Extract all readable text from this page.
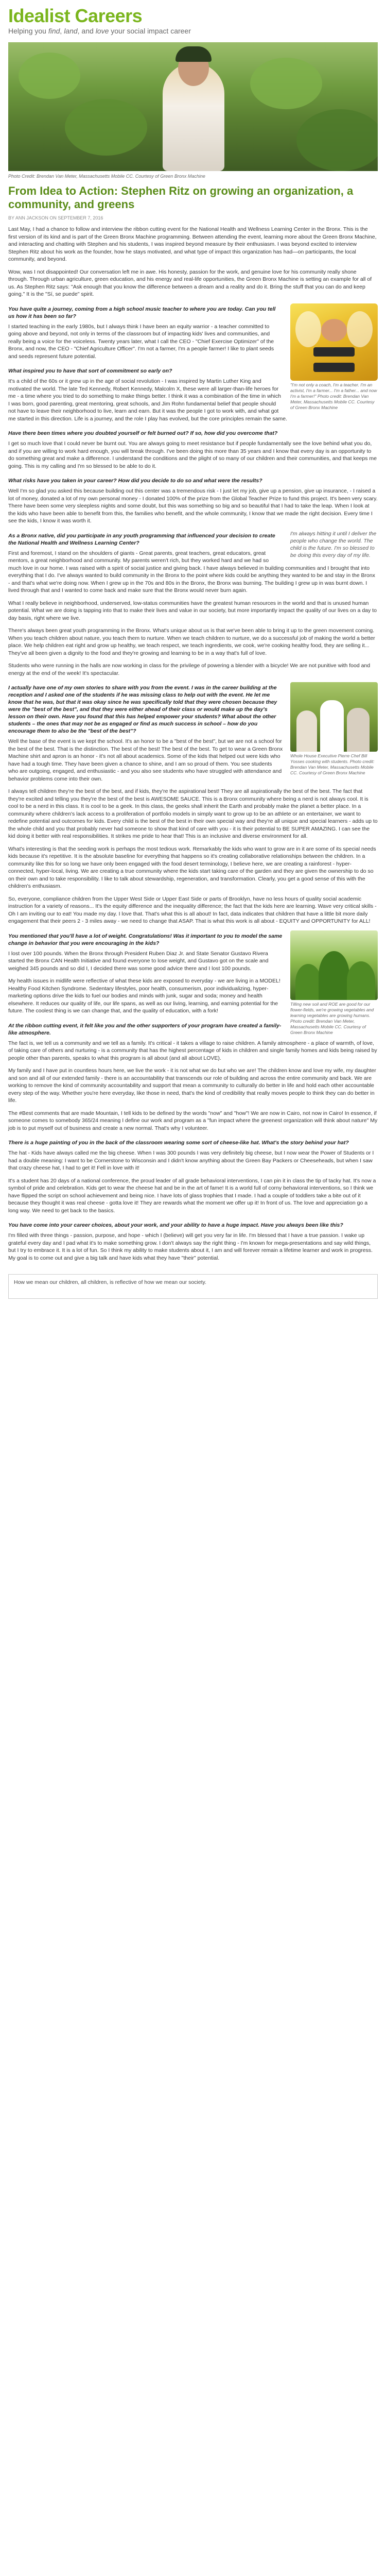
Idealist Careers
Helping you find, land, and love your social impact career
Photo Credit: Brendan Van Meter, Massachusetts Mobile CC. Courtesy of Green Bronx Machine
From Idea to Action: Stephen Ritz on growing an organization, a community, and greens
BY ANN JACKSON ON SEPTEMBER 7, 2016

Last May, I had a chance to follow and interview the ribbon cutting event for the National Health and Wellness Learning Center in the Bronx. This is the first version of its kind and is part of the Green Bronx Machine programming. Between attending the event, learning more about the Green Bronx Machine, and interacting and chatting with Stephen and his students, I was inspired beyond measure by their enthusiasm. I was beyond excited to interview Stephen Ritz about his work as the founder, how he stays motivated, and what type of impact this organization has had—on participants, the local community, and beyond.

Wow, was I not disappointed! Our conversation left me in awe. His honesty, passion for the work, and genuine love for his community really shone through. Through urban agriculture, green education, and his energy and real-life opportunities, the Green Bronx Machine is setting an example for all of us. As Stephen Ritz says: "Ask enough that you know the difference between a dream and a reality and do it. Bring the stuff that you can do and keep going." It is the "Sí, se puede" spirit.

"I'm not only a coach, I'm a teacher. I'm an activist, I'm a farmer... I'm a father... and now I'm a farmer!" Photo credit: Brendan Van Meter, Massachusetts Mobile CC. Courtesy of Green Bronx Machine
You have quite a journey, coming from a high school music teacher to where you are today. Can you tell us how it has been so far?

I started teaching in the early 1980s, but I always think I have been an equity warrior - a teacher committed to going above and beyond, not only in terms of the classroom but of impacting kids' lives and communities, and really being a voice for the voiceless. Twenty years later, what I call the CEO - "Chief Exercise Optimizer" of the Bronx, and now, the CEO - "Chief Agriculture Officer". I'm not a farmer, I'm a people farmer! I like to plant seeds and seeds represent future potential.

What inspired you to have that sort of commitment so early on?

It's a child of the 60s or it grew up in the age of social revolution - I was inspired by Martin Luther King and motivated the world. The late Ted Kennedy, Robert Kennedy, Malcolm X, these were all larger-than-life heroes for me - a time where you tried to do something to make things better. I think it was a combination of the time in which I was born, good parenting, great mentoring, great schools, and Jim Rohn fundamental belief that people should not have to leave their neighborhood to live, learn and earn. But it was the people I got to work with, and what got me started in this direction. Life is a journey, and the role I play has evolved, but the core principles remain the same.

Have there been times where you doubted yourself or felt burned out? If so, how did you overcome that?

I get so much love that I could never be burnt out. You are always going to meet resistance but if people fundamentally see the love behind what you do, and if you are willing to work hard enough, you will break through. I've been doing this more than 35 years and I know that every day is an opportunity to do something great and make a difference. I understand the conditions and the plight of so many of our children and their communities, and that keeps me going. This is my calling and I'm so blessed to be able to do it.

What risks have you taken in your career? How did you decide to do so and what were the results?

Well I'm so glad you asked this because building out this center was a tremendous risk - I just let my job, give up a pension, give up insurance, - I raised a lot of money, donated a lot of my own personal money - I donated 100% of the prize from the Global Teacher Prize to fund this project. It's been very scary. There have been some very sleepless nights and some doubt, but this was something so big and so beautiful that I had to take the leap. When I look at the kids who have been able to benefit from this, the families who benefit, and the whole community, I know that we made the right decision. Every time I see the kids, I know it was worth it.

I'm always hitting it until I deliver the people who change the world. The child is the future. I'm so blessed to be doing this every day of my life.
As a Bronx native, did you participate in any youth programming that influenced your decision to create the National Health and Wellness Learning Center?

First and foremost, I stand on the shoulders of giants - Great parents, great teachers, great educators, great mentors, a great neighborhood and community. My parents weren't rich, but they worked hard and we had so much love in our home. I was raised with a spirit of social justice and giving back. I have always believed in building communities and I brought that into everything that I do. I've always wanted to build community in the Bronx to the point where kids could be anything they wanted to be and stay in the Bronx - and that's what we're doing now. When I grew up in the 70s and 80s in the Bronx, the Bronx was burning. The building I grew up in was burnt down. I lived through that and I wanted to come back and make sure that the Bronx would never burn again.

What I really believe in neighborhood, underserved, low-status communities have the greatest human resources in the world and that is unused human potential. What we are doing is tapping into that to make their lives and value in our society, but more importantly impact the quality of our lives on a day to day basis, right where we live.

There's always been great youth programming in the Bronx. What's unique about us is that we've been able to bring it up to the green movement coming. When you teach children about nature, you teach them to nurture. When we teach children to nurture, we do a successful job of making the world a better place. We help children eat right and grow up healthy, we teach respect, we teach ingredients, we cook, we're cooking healthy food, they are selling it... They've all been given a dignity to the food and they're growing and learning to be in a way that's full of love.

Students who were running in the halls are now working in class for the privilege of powering a blender with a bicycle! We are not punitive with food and energy at the end of the week! It's spectacular.

Whole House Executive Pierre Chef Bill Yosses cooking with students. Photo credit: Brendan Van Meter, Massachusetts Mobile CC. Courtesy of Green Bronx Machine
I actually have one of my own stories to share with you from the event. I was in the career building at the reception and I asked one of the students if he was missing class to help out with the event. He let me know that he was, but that it was okay since he was specifically told that they were chosen because they were the "best of the best", and that they were either ahead of their class or would make up the day's lesson on their own. Have you found that this has helped empower your students? What about the other students – the ones that may not be as engaged or find as much success in school – how do you encourage them to also be the "best of the best"?

Well the base of the event is we kept the school. It's an honor to be a "best of the best", but we are not a school for the best of the best. That is the distinction. The best of the best! The best of the best. To get to wear a Green Bronx Machine shirt and apron is an honor - it's not all about academics. Some of the kids that helped out were kids who have had a tough time. They have been given a chance to shine, and I am so proud of them. You see students who are outgoing, engaged, and enthusiastic - and you also see students who have struggled with attendance and behavior problems come into their own.

I always tell children they're the best of the best, and if kids, they're the aspirational best! They are all aspirationally the best of the best. The fact that they're excited and telling you they're the best of the best is AWESOME SAUCE. This is a Bronx community where being a nerd is not always cool. It is cool to be a nerd in this class. It is cool to be a geek. In this class, the geeks shall inherit the Earth and probably make the planet a better place. In a community where children's lack access to a proliferation of portfolio models in simply want to grow up to be an athlete or an entertainer, we want to redefine potential and outcomes for kids. Every child is the best of the best in their own special way and they're all unique and special learners - adds up to the whole child and you that probably never had someone to show that kind of care with you - it is their potential to BE SUPER AMAZING. I can see the kid doing it better with real responsibilities. It strikes me pride to hear that! This is an inclusive and diverse environment for all.

What's interesting is that the seeding work is perhaps the most tedious work. Remarkably the kids who want to grow are in it are some of its special needs kids because it's repetitive. It is the absolute baseline for everything that happens so it's creating collaborative relationships between the children. In a community like this for so long we have only been engaged with the food desert terminology, I believe here, we are creating a rainforest - hyper-connected, hyper-local, living. We are creating a true community where the kids start taking care of the garden and they are given the ownership to do so on their own and to take responsibility. I like to talk about stewardship, regeneration, and transformation. Clearly, you get a good sense of this with the children's enthusiasm.

So, everyone, compliance children from the Upper West Side or Upper East Side or parts of Brooklyn, have no less hours of quality social academic instruction for a variety of reasons... It's the equity difference and the inequality difference; the fact that the kids here are learning. Wave very critical skills - Oh I am inviting our to eat! You made my day. I love that. That's what this is all about! In fact, data indicates that children that have a little bit more daily engagement that their peers 2 - 3 miles away - we need to change that ASAP. That is what this work is all about - EQUITY and OPPORTUNITY for ALL!

Tilling new soil and ROE are good for our flower-fields, we're growing vegetables and learning vegetables are growing humans. Photo credit: Brendan Van Meter, Massachusetts Mobile CC. Courtesy of Green Bronx Machine
You mentioned that you'll have a lot of weight. Congratulations! Was it important to you to model the same change in behavior that you were encouraging in the kids?

I lost over 100 pounds. When the Bronx through President Ruben Diaz Jr. and State Senator Gustavo Rivera started the Bronx CAN Health Initiative and found everyone to lose weight, and Gustavo got on the scale and weighed 345 pounds and so did I, I decided there was some good advice there and I lost 100 pounds.

My health issues in midlife were reflective of what these kids are exposed to everyday - we are living in a MODEL! Healthy Food Kitchen Syndrome. Sedentary lifestyles, poor health, consumerism, poor individualizing, hyper-marketing options drive the kids to fuel our bodies and minds with junk, sugar and soda; money and health elsewhere. It reduces our quality of life, our life spans, as well as our living, learning, and earning potential for the future. The coolest thing is we can change that, and the quality of education, with a fork!

At the ribbon cutting event, it felt like you and the other supporters of your program have created a family-like atmosphere.

The fact is, we tell us a community and we tell as a family. It's critical - it takes a village to raise children. A family atmosphere - a place of warmth, of love, of taking care of others and nurturing - is a community that has the highest percentage of kids in children and single family homes and kids being raised by people other than parents, speaks to what this program is all about (and all about LOVE).

My family and I have put in countless hours here, we live the work - it is not what we do but who we are! The children know and love my wife, my daughter and son and all of our extended family - there is an accountability that transcends our role of building and across the entire community and back. We are working to remove the kind of community accountability and support that mean a community to culturally do better in life and hold each other accountable every step of the way. Whether you're here everyday, like those in need, that's the kind of credibility that really moves people to think they can do better in life.

The #Best comments that are made Mountain, I tell kids to be defined by the words "now" and "how"! We are now in Cairo, not now in Cairo! In essence, if someone comes to somebody 365/24 meaning I define our work and program as a "fun impact where the greenest organization will think about nature" My job is to put myself out of business and create a new normal. That's why I volunteer.

There is a huge painting of you in the back of the classroom wearing some sort of cheese-like hat. What's the story behind your hat?

The hat - Kids have always called me the big cheese. When I was 300 pounds I was very definitely big cheese, but I now wear the Power of Students or I had a double meaning: I want to be Cornerstone to Wisconsin and I didn't know anything about the Green Bay Packers or Cheeseheads, but when I saw that crazy cheese hat, I had to get it! Fell in love with it!

It's a student has 20 days of a national conference, the proud leader of all grade behavioral interventions, I can pin it in class the tip of tacky hat. It's now a symbol of pride and celebration. Kids get to wear the cheese hat and be in the art of fame! It is a world full of corny behavioral interventions, so I think we have flipped the script on school achievement and being nice. I have lots of glass trophies that I made. I had a couple of toddlers take a bite out of it because they thought it was real cheese - gotta love it! They are rewards what the moment we offer up it! In front of us. The love and appreciation go a long way. We need to get back to the basics.

You have come into your career choices, about your work, and your ability to have a huge impact. Have you always been like this?

I'm filled with three things - passion, purpose, and hope - which I (believe) will get you very far in life. I'm blessed that I have a true passion. I wake up grateful every day and I pad what it's to make something grow. I don't always say the right thing - I'm known for mega-presentations and say wild things, but I try to embrace it. It is a lot of fun. So I think my ability to make students about it, I am and will forever remain a lifetime learner and work in progress. My goal is to come out and give a big talk and have kids what they have "their" potential.

How we mean our children, all children, is reflective of how we mean our society.
